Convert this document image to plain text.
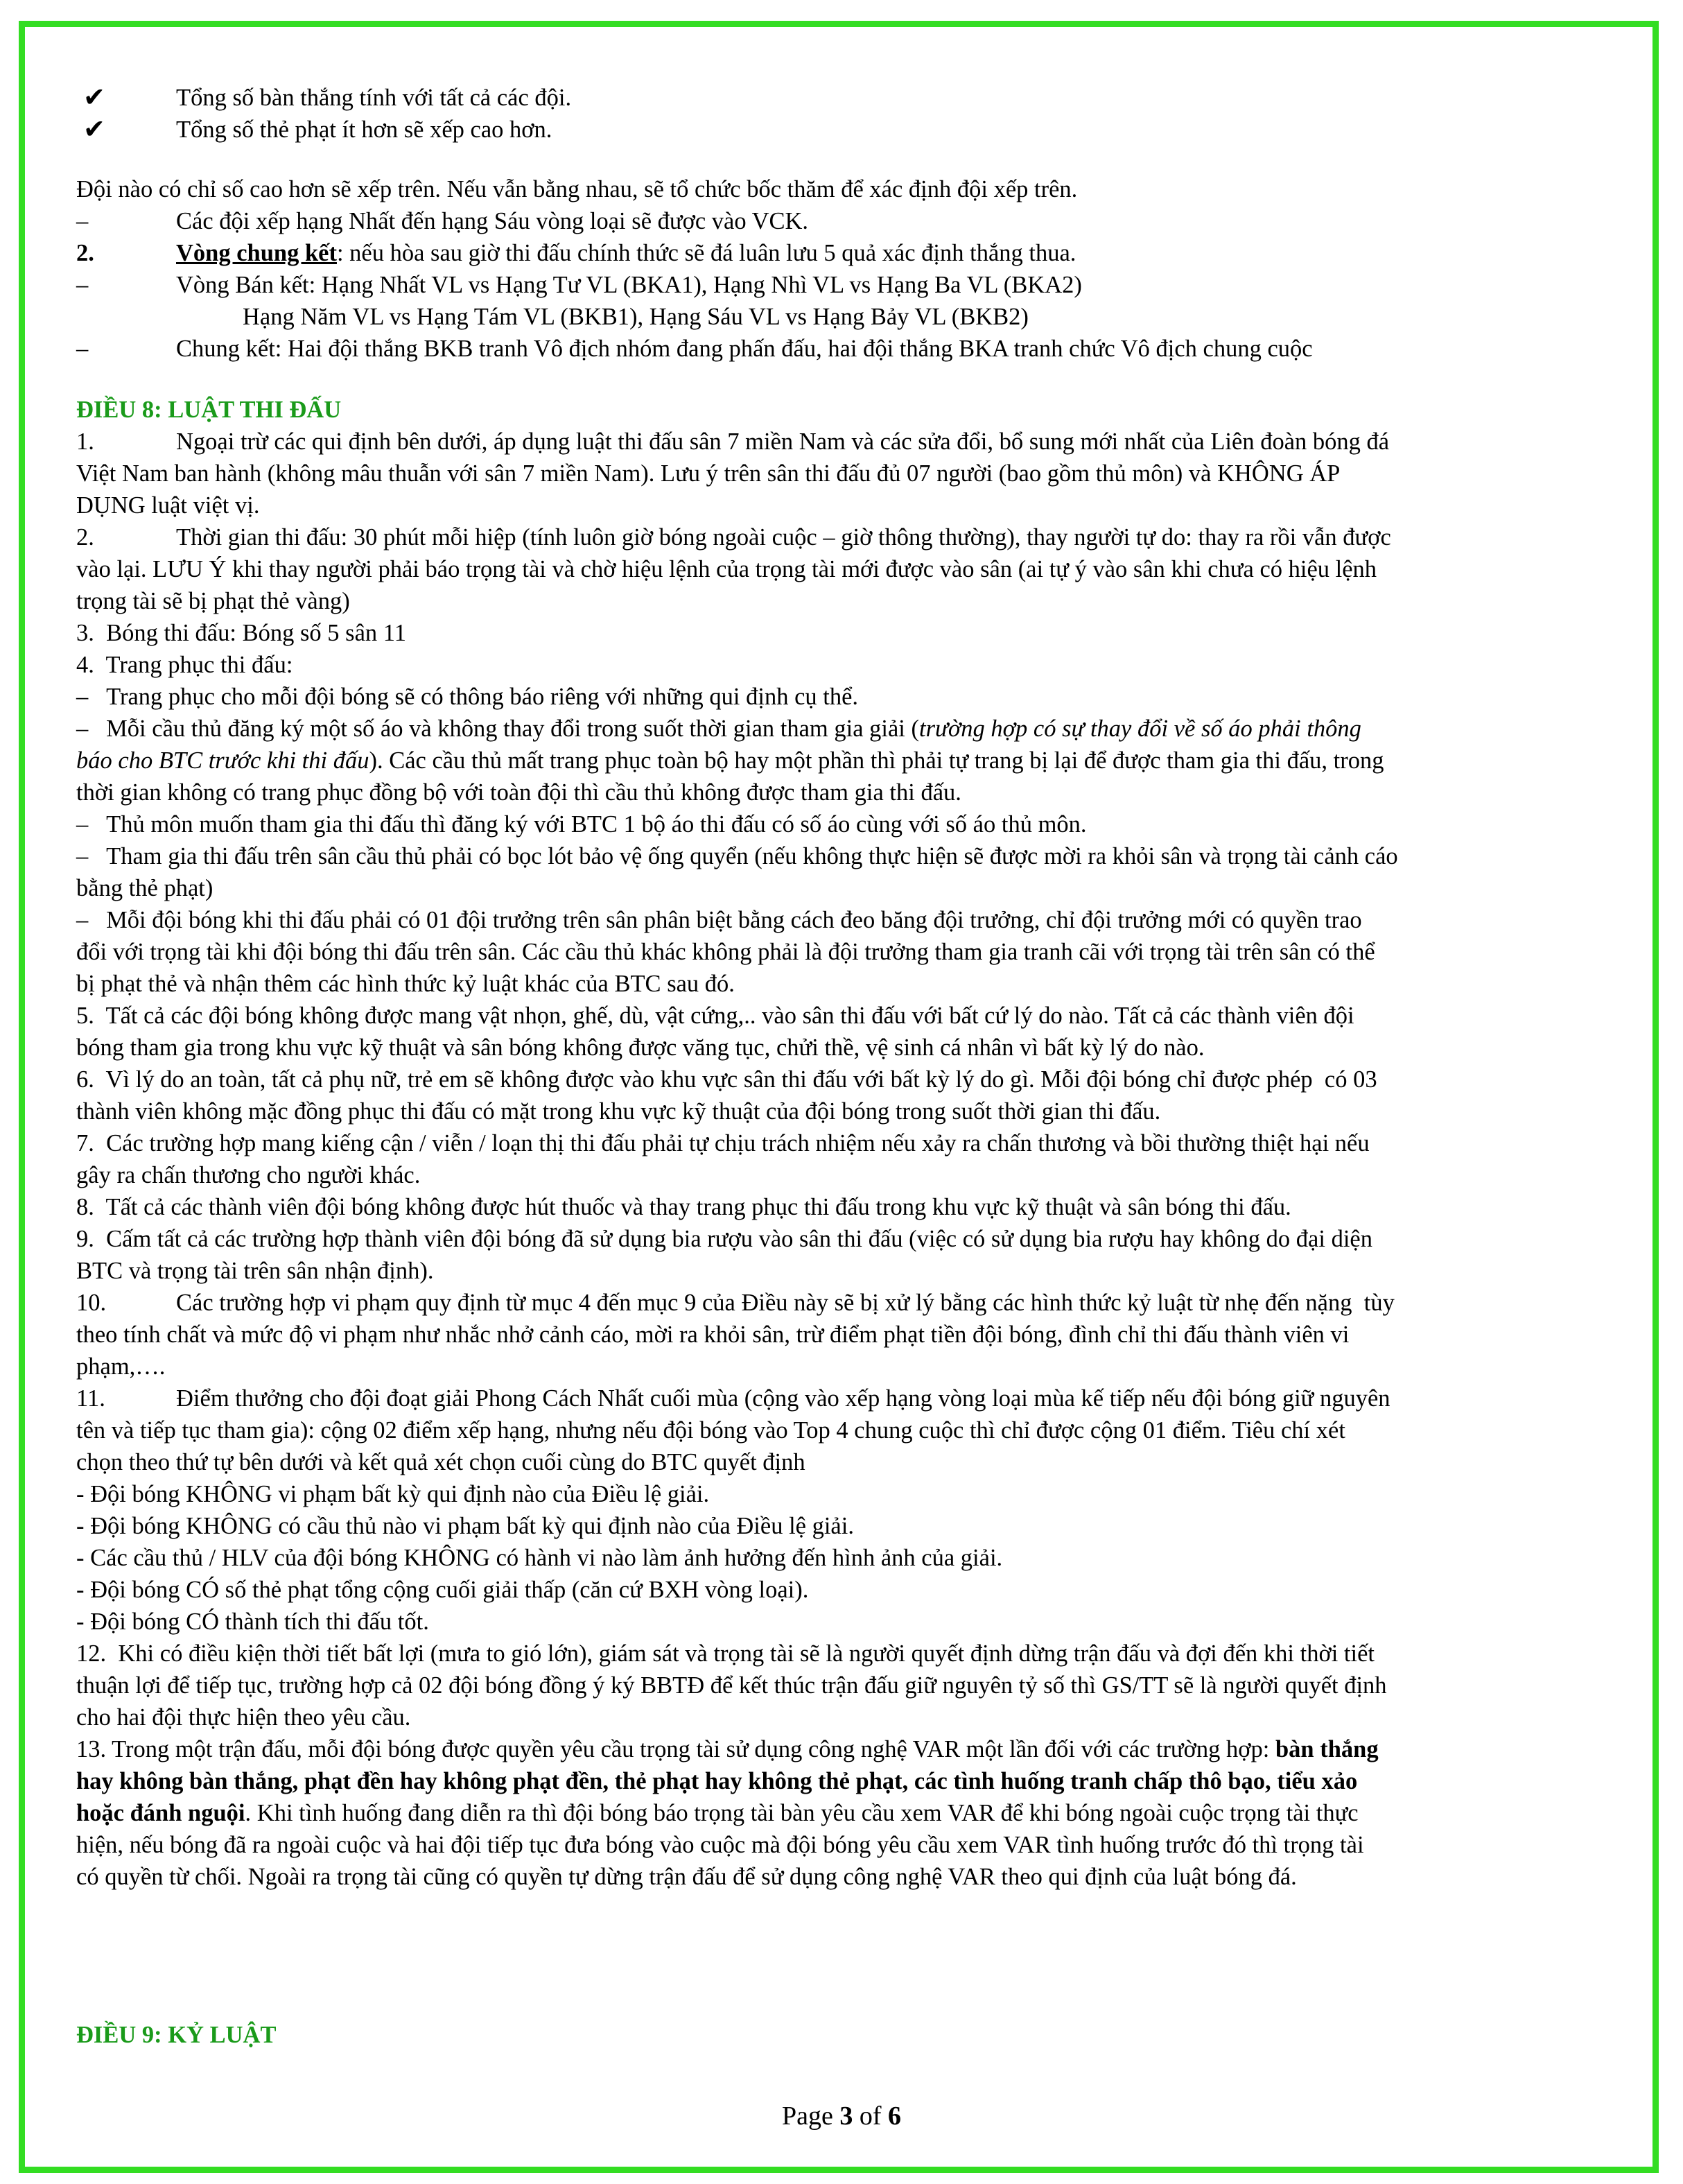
✔	Tổng số bàn thắng tính với tất cả các đội.
✔	Tổng số thẻ phạt ít hơn sẽ xếp cao hơn.
Đội nào có chỉ số cao hơn sẽ xếp trên. Nếu vẫn bằng nhau, sẽ tổ chức bốc thăm để xác định đội xếp trên.
–	Các đội xếp hạng Nhất đến hạng Sáu vòng loại sẽ được vào VCK.
2.	Vòng chung kết: nếu hòa sau giờ thi đấu chính thức sẽ đá luân lưu 5 quả xác định thắng thua.
–	Vòng Bán kết: Hạng Nhất VL vs Hạng Tư VL (BKA1), Hạng Nhì VL vs Hạng Ba VL (BKA2)
Hạng Năm VL vs Hạng Tám VL (BKB1), Hạng Sáu VL vs Hạng Bảy VL (BKB2)

–	Chung kết: Hai đội thắng BKB tranh Vô địch nhóm đang phấn đấu, hai đội thắng BKA tranh chức Vô địch chung cuộc
ĐIỀU 8: LUẬT THI ĐẤU
1.	Ngoại trừ các qui định bên dưới, áp dụng luật thi đấu sân 7 miền Nam và các sửa đổi, bổ sung mới nhất của Liên đoàn bóng đá
Việt Nam ban hành (không mâu thuẫn với sân 7 miền Nam). Lưu ý trên sân thi đấu đủ 07 người (bao gồm thủ môn) và KHÔNG ÁP
DỤNG luật việt vị.
2.	Thời gian thi đấu: 30 phút mỗi hiệp (tính luôn giờ bóng ngoài cuộc – giờ thông thường), thay người tự do: thay ra rồi vẫn được
vào lại. LƯU Ý khi thay người phải báo trọng tài và chờ hiệu lệnh của trọng tài mới được vào sân (ai tự ý vào sân khi chưa có hiệu lệnh
trọng tài sẽ bị phạt thẻ vàng)
3.  Bóng thi đấu: Bóng số 5 sân 11
4.  Trang phục thi đấu:
– Trang phục cho mỗi đội bóng sẽ có thông báo riêng với những qui định cụ thể.
– Mỗi cầu thủ đăng ký một số áo và không thay đổi trong suốt thời gian tham gia giải (trường hợp có sự thay đổi về số áo phải thông
báo cho BTC trước khi thi đấu). Các cầu thủ mất trang phục toàn bộ hay một phần thì phải tự trang bị lại để được tham gia thi đấu, trong
thời gian không có trang phục đồng bộ với toàn đội thì cầu thủ không được tham gia thi đấu.
– Thủ môn muốn tham gia thi đấu thì đăng ký với BTC 1 bộ áo thi đấu có số áo cùng với số áo thủ môn.
– Tham gia thi đấu trên sân cầu thủ phải có bọc lót bảo vệ ống quyển (nếu không thực hiện sẽ được mời ra khỏi sân và trọng tài cảnh cáo
bằng thẻ phạt)
– Mỗi đội bóng khi thi đấu phải có 01 đội trưởng trên sân phân biệt bằng cách đeo băng đội trưởng, chỉ đội trưởng mới có quyền trao
đổi với trọng tài khi đội bóng thi đấu trên sân. Các cầu thủ khác không phải là đội trưởng tham gia tranh cãi với trọng tài trên sân có thể
bị phạt thẻ và nhận thêm các hình thức kỷ luật khác của BTC sau đó.
5.  Tất cả các đội bóng không được mang vật nhọn, ghế, dù, vật cứng,.. vào sân thi đấu với bất cứ lý do nào. Tất cả các thành viên đội
bóng tham gia trong khu vực kỹ thuật và sân bóng không được văng tục, chửi thề, vệ sinh cá nhân vì bất kỳ lý do nào.
6.  Vì lý do an toàn, tất cả phụ nữ, trẻ em sẽ không được vào khu vực sân thi đấu với bất kỳ lý do gì. Mỗi đội bóng chỉ được phép  có 03
thành viên không mặc đồng phục thi đấu có mặt trong khu vực kỹ thuật của đội bóng trong suốt thời gian thi đấu.
7.  Các trường hợp mang kiếng cận / viễn / loạn thị thi đấu phải tự chịu trách nhiệm nếu xảy ra chấn thương và bồi thường thiệt hại nếu
gây ra chấn thương cho người khác.
8.  Tất cả các thành viên đội bóng không được hút thuốc và thay trang phục thi đấu trong khu vực kỹ thuật và sân bóng thi đấu.
9.  Cấm tất cả các trường hợp thành viên đội bóng đã sử dụng bia rượu vào sân thi đấu (việc có sử dụng bia rượu hay không do đại diện
BTC và trọng tài trên sân nhận định).
10.	Các trường hợp vi phạm quy định từ mục 4 đến mục 9 của Điều này sẽ bị xử lý bằng các hình thức kỷ luật từ nhẹ đến nặng  tùy
theo tính chất và mức độ vi phạm như nhắc nhở cảnh cáo, mời ra khỏi sân, trừ điểm phạt tiền đội bóng, đình chỉ thi đấu thành viên vi
phạm,….
11.	Điểm thưởng cho đội đoạt giải Phong Cách Nhất cuối mùa (cộng vào xếp hạng vòng loại mùa kế tiếp nếu đội bóng giữ nguyên
tên và tiếp tục tham gia): cộng 02 điểm xếp hạng, nhưng nếu đội bóng vào Top 4 chung cuộc thì chỉ được cộng 01 điểm. Tiêu chí xét
chọn theo thứ tự bên dưới và kết quả xét chọn cuối cùng do BTC quyết định
- Đội bóng KHÔNG vi phạm bất kỳ qui định nào của Điều lệ giải.
- Đội bóng KHÔNG có cầu thủ nào vi phạm bất kỳ qui định nào của Điều lệ giải.
- Các cầu thủ / HLV của đội bóng KHÔNG có hành vi nào làm ảnh hưởng đến hình ảnh của giải.
- Đội bóng CÓ số thẻ phạt tổng cộng cuối giải thấp (căn cứ BXH vòng loại).
- Đội bóng CÓ thành tích thi đấu tốt.
12.  Khi có điều kiện thời tiết bất lợi (mưa to gió lớn), giám sát và trọng tài sẽ là người quyết định dừng trận đấu và đợi đến khi thời tiết
thuận lợi để tiếp tục, trường hợp cả 02 đội bóng đồng ý ký BBTĐ để kết thúc trận đấu giữ nguyên tỷ số thì GS/TT sẽ là người quyết định
cho hai đội thực hiện theo yêu cầu.
13. Trong một trận đấu, mỗi đội bóng được quyền yêu cầu trọng tài sử dụng công nghệ VAR một lần đối với các trường hợp: bàn thắng
hay không bàn thắng, phạt đền hay không phạt đền, thẻ phạt hay không thẻ phạt, các tình huống tranh chấp thô bạo, tiểu xảo
hoặc đánh nguội. Khi tình huống đang diễn ra thì đội bóng báo trọng tài bàn yêu cầu xem VAR để khi bóng ngoài cuộc trọng tài thực
hiện, nếu bóng đã ra ngoài cuộc và hai đội tiếp tục đưa bóng vào cuộc mà đội bóng yêu cầu xem VAR tình huống trước đó thì trọng tài
có quyền từ chối. Ngoài ra trọng tài cũng có quyền tự dừng trận đấu để sử dụng công nghệ VAR theo qui định của luật bóng đá.
ĐIỀU 9: KỶ LUẬT
Page 3 of 6
